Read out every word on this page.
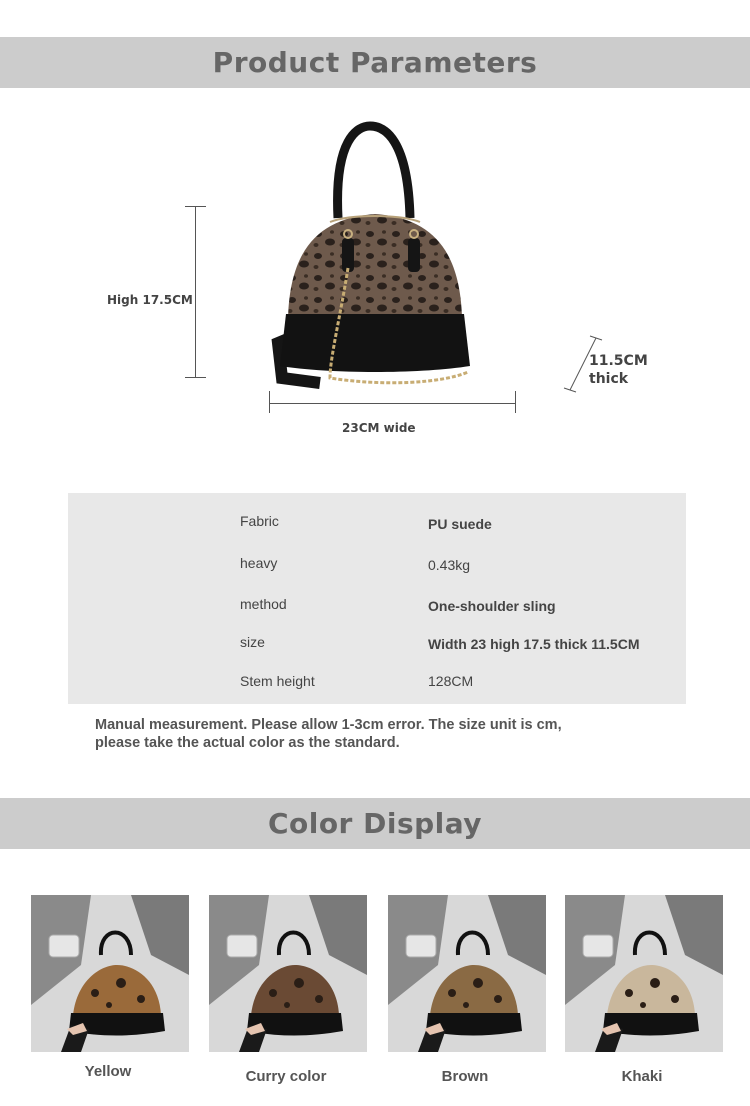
Product Parameters
High 17.5CM
23CM wide
11.5CM
thick
Fabric	PU suede
heavy	0.43kg
method	One-shoulder sling
size	Width 23 high 17.5 thick 11.5CM
Stem height	128CM
Manual measurement. Please allow 1-3cm error. The size unit is cm,
please take the actual color as the standard.
Color Display
Yellow	Curry color	Brown	Khaki
